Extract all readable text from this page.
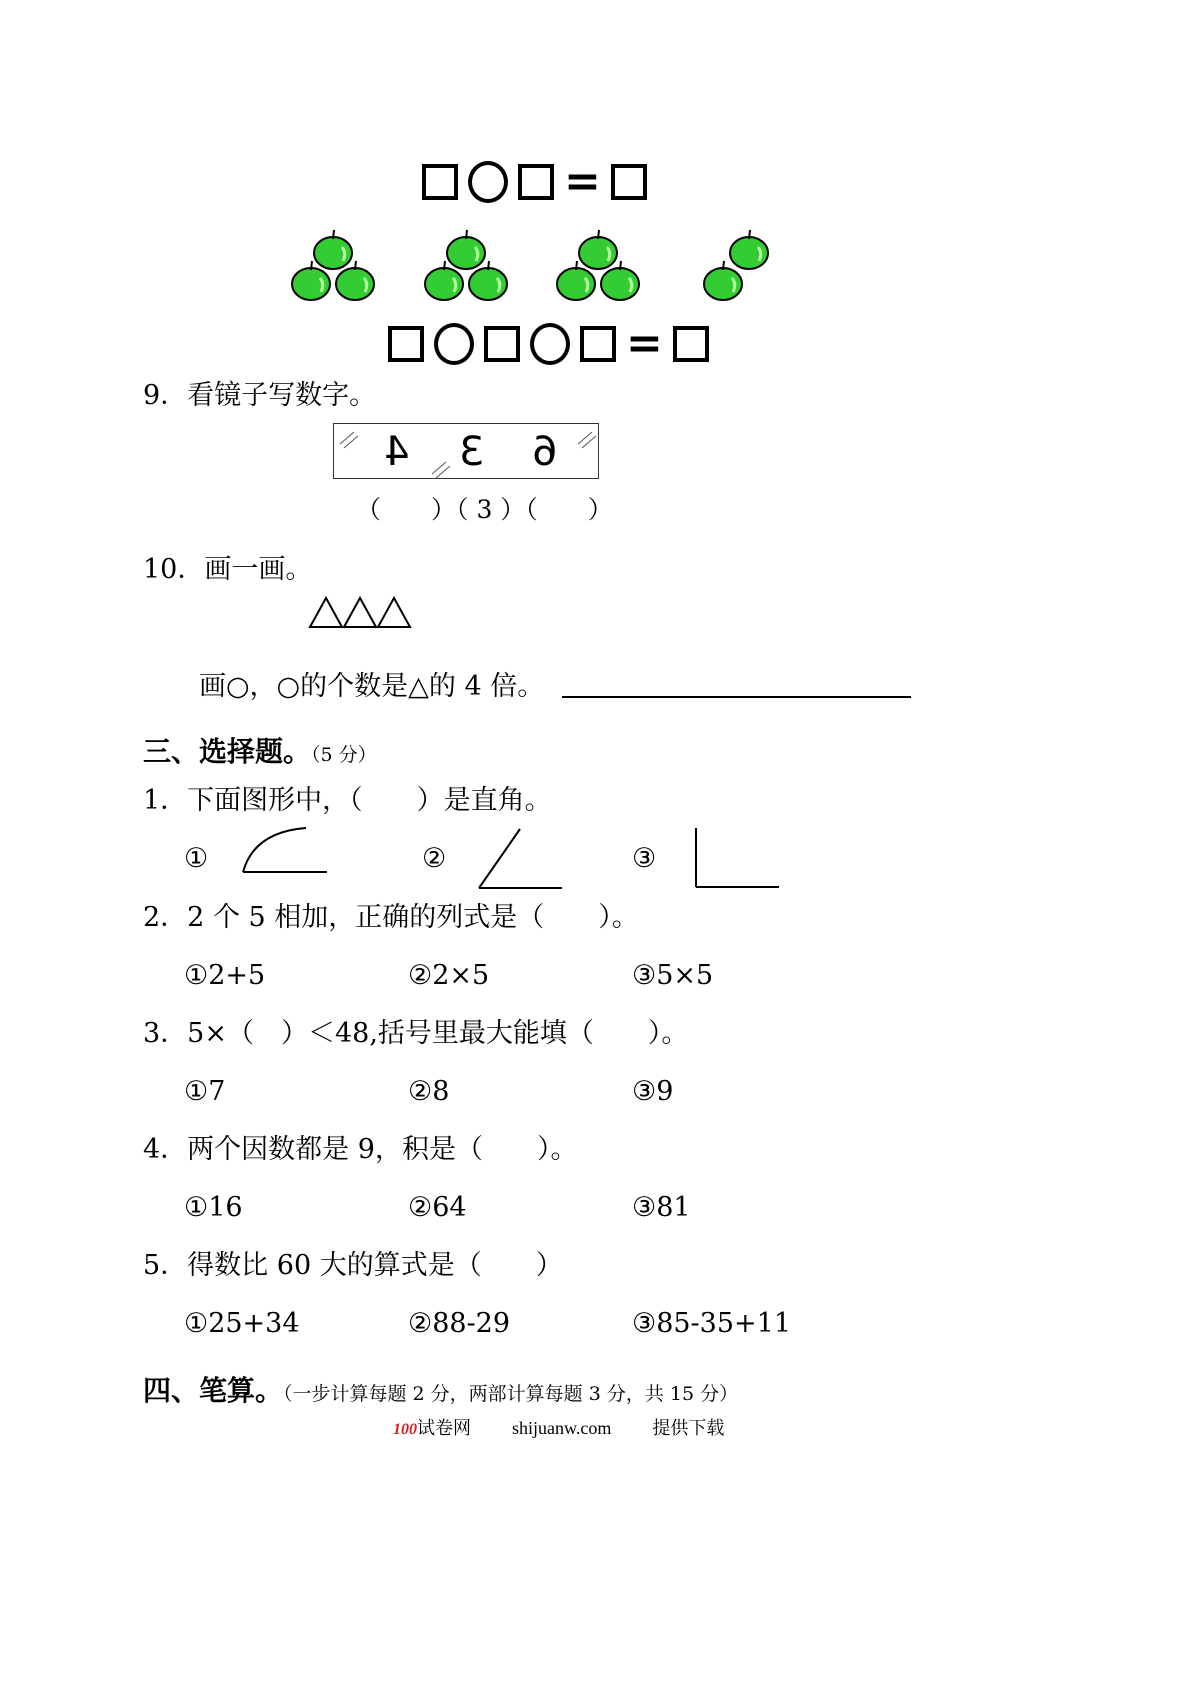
=
=
9．看镜子写数字。
4 3 6
（　　）（ 3 ）（　　）
10．画一画。
画○，○的个数是△的 4 倍。
三、选择题。（5 分）
1．下面图形中，（　　）是直角。
①	②	③
2．2 个 5 相加，正确的列式是（　　）。
①2+5	②2×5	③5×5
3．5×（　）＜48,括号里最大能填（　　）。
①7	②8	③9
4．两个因数都是 9，积是（　　）。
①16	②64	③81
5．得数比 60 大的算式是（　　）
①25+34	②88-29	③85-35+11
四、笔算。（一步计算每题 2 分，两部计算每题 3 分，共 15 分）
100试卷网 shijuanw.com 提供下载
